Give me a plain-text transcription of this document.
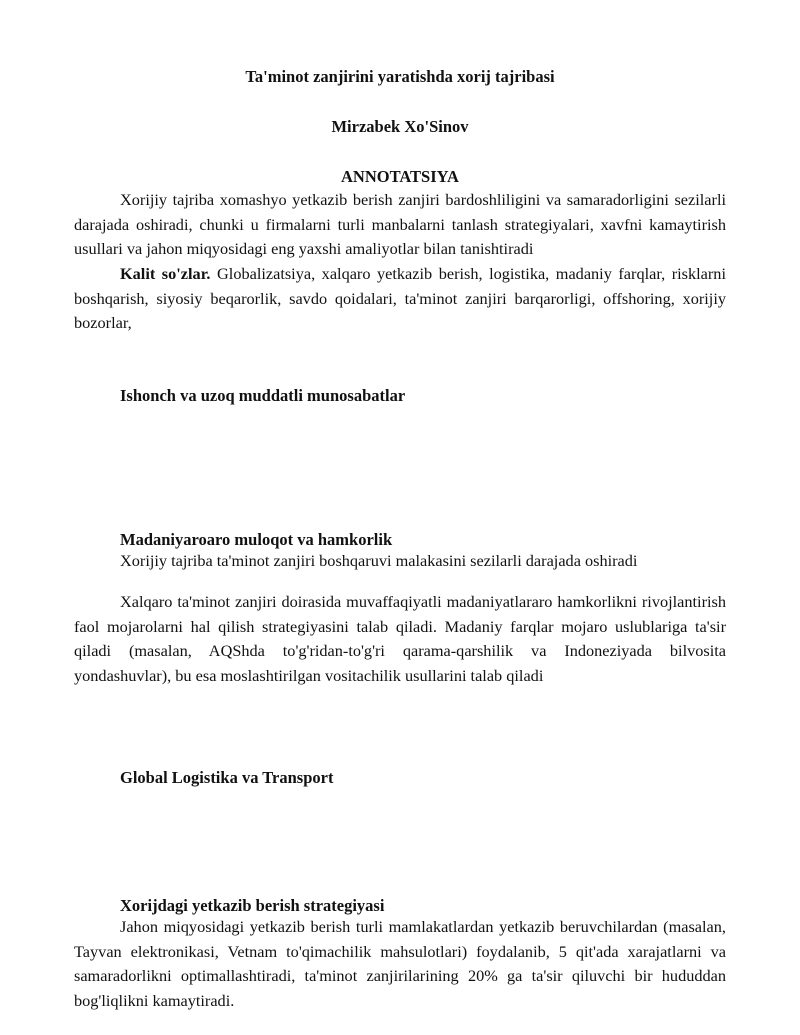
Ta'minot zanjirini yaratishda xorij tajribasi
Mirzabek Xo'Sinov
ANNOTATSIYA

Xorijiy tajriba xomashyo yetkazib berish zanjiri bardoshliligini va samaradorligini sezilarli darajada oshiradi, chunki u firmalarni turli manbalarni tanlash strategiyalari, xavfni kamaytirish usullari va jahon miqyosidagi eng yaxshi amaliyotlar bilan tanishtiradi

Kalit so'zlar. Globalizatsiya, xalqaro yetkazib berish, logistika, madaniy farqlar, risklarni boshqarish, siyosiy beqarorlik, savdo qoidalari, ta'minot zanjiri barqarorligi, offshoring, xorijiy bozorlar,

Ishonch va uzoq muddatli munosabatlar
Madaniyaroaro muloqot va hamkorlik
Xorijiy tajriba ta'minot zanjiri boshqaruvi malakasini sezilarli darajada oshiradi

Xalqaro ta'minot zanjiri doirasida muvaffaqiyatli madaniyatlararo hamkorlikni rivojlantirish faol mojarolarni hal qilish strategiyasini talab qiladi. Madaniy farqlar mojaro uslublariga ta'sir qiladi (masalan, AQShda to'g'ridan-to'g'ri qarama-qarshilik va Indoneziyada bilvosita yondashuvlar), bu esa moslashtirilgan vositachilik usullarini talab qiladi

Global Logistika va Transport
Xorijdagi yetkazib berish strategiyasi

Jahon miqyosidagi yetkazib berish turli mamlakatlardan yetkazib beruvchilardan (masalan, Tayvan elektronikasi, Vetnam to'qimachilik mahsulotlari) foydalanib, 5 qit'ada xarajatlarni va samaradorlikni optimallashtiradi, ta'minot zanjirilarining 20% ga ta'sir qiluvchi bir hududdan bog'liqlikni kamaytiradi.
